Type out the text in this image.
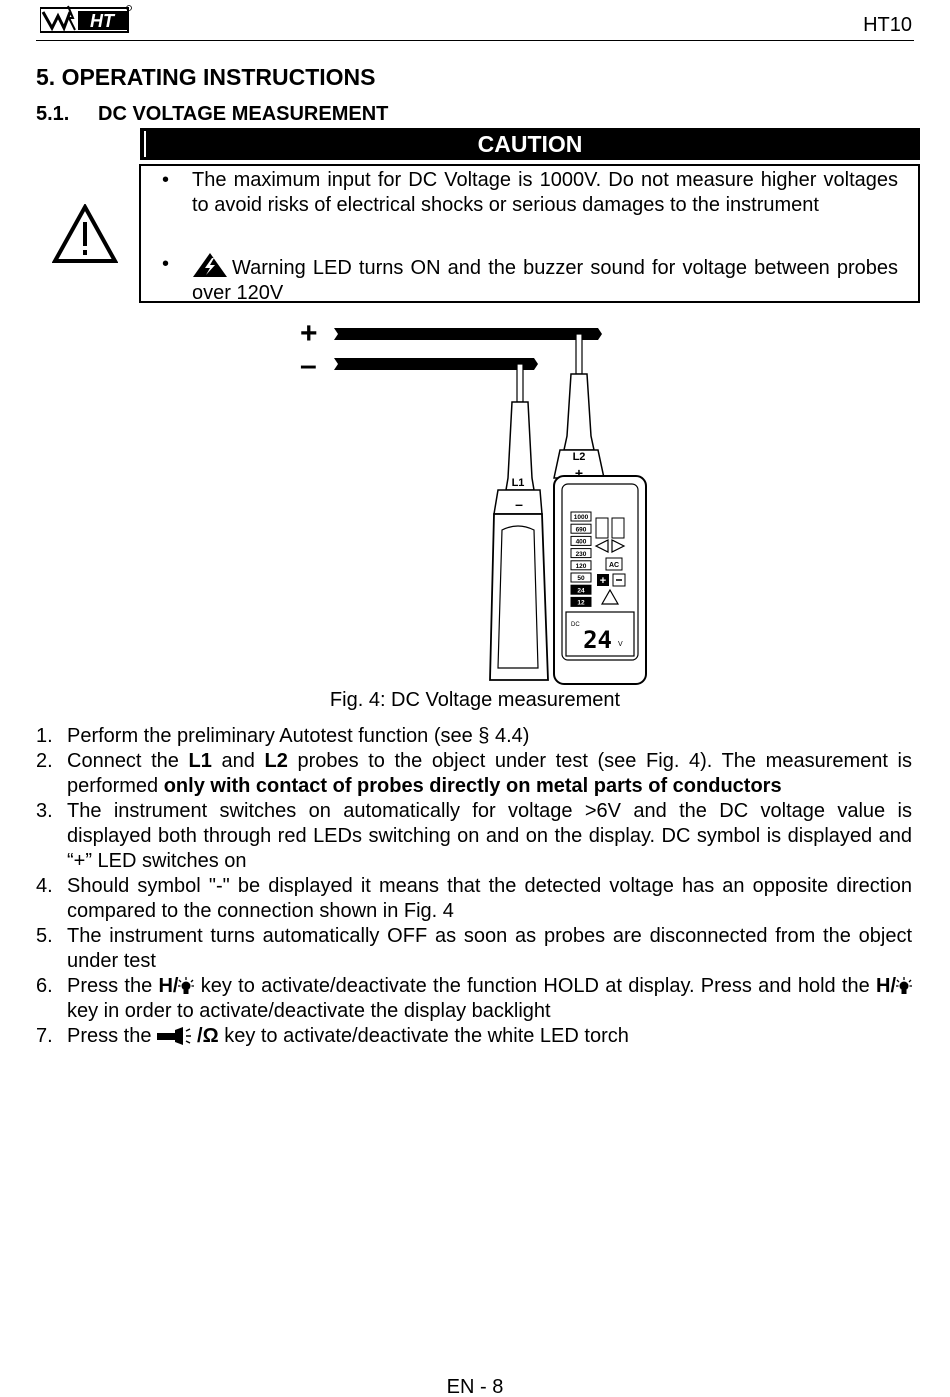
HT	HT10
5. OPERATING INSTRUCTIONS
5.1. DC VOLTAGE MEASUREMENT
CAUTION
• The maximum input for DC Voltage is 1000V. Do not measure higher voltages to avoid risks of electrical shocks or serious damages to the instrument
•	Warning LED turns ON and the buzzer sound for voltage between probes over 120V
+
–
L1
–
L2
+
1000
690
400
230
120
50
24
12
AC
+
DC
24 V
Fig. 4: DC Voltage measurement
1. Perform the preliminary Autotest function (see § 4.4)
2. Connect the L1 and L2 probes to the object under test (see Fig. 4). The measurement is performed only with contact of probes directly on metal parts of conductors
3. The instrument switches on automatically for voltage >6V and the DC voltage value is displayed both through red LEDs switching on and on the display. DC symbol is displayed and “+” LED switches on
4. Should symbol "-" be displayed it means that the detected voltage has an opposite direction compared to the connection shown in Fig. 4
5. The instrument turns automatically OFF as soon as probes are disconnected from the object under test
6. Press the H/ key to activate/deactivate the function HOLD at display. Press and hold the H/ key in order to activate/deactivate the display backlight
7. Press the /Ω key to activate/deactivate the white LED torch
EN - 8
